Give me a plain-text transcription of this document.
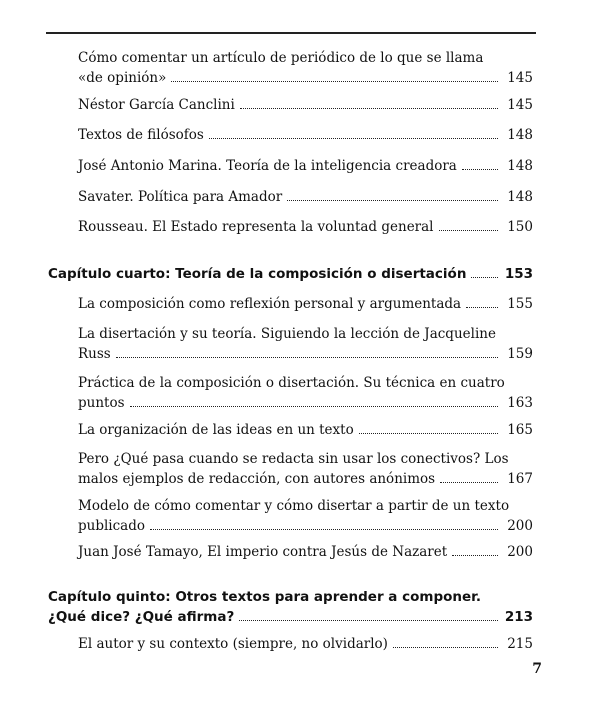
Cómo comentar un artículo de periódico de lo que se llama
«de opinión»	145
Néstor García Canclini	145
Textos de filósofos	148
José Antonio Marina. Teoría de la inteligencia creadora	148
Savater. Política para Amador	148
Rousseau. El Estado representa la voluntad general	150
Capítulo cuarto: Teoría de la composición o disertación	153
La composición como reflexión personal y argumentada	155
La disertación y su teoría. Siguiendo la lección de Jacqueline
Russ	159
Práctica de la composición o disertación. Su técnica en cuatro
puntos	163
La organización de las ideas en un texto	165
Pero ¿Qué pasa cuando se redacta sin usar los conectivos? Los
malos ejemplos de redacción, con autores anónimos	167
Modelo de cómo comentar y cómo disertar a partir de un texto
publicado	200
Juan José Tamayo, El imperio contra Jesús de Nazaret	200
Capítulo quinto: Otros textos para aprender a componer.
¿Qué dice? ¿Qué afirma?	213
El autor y su contexto (siempre, no olvidarlo)	215
7
